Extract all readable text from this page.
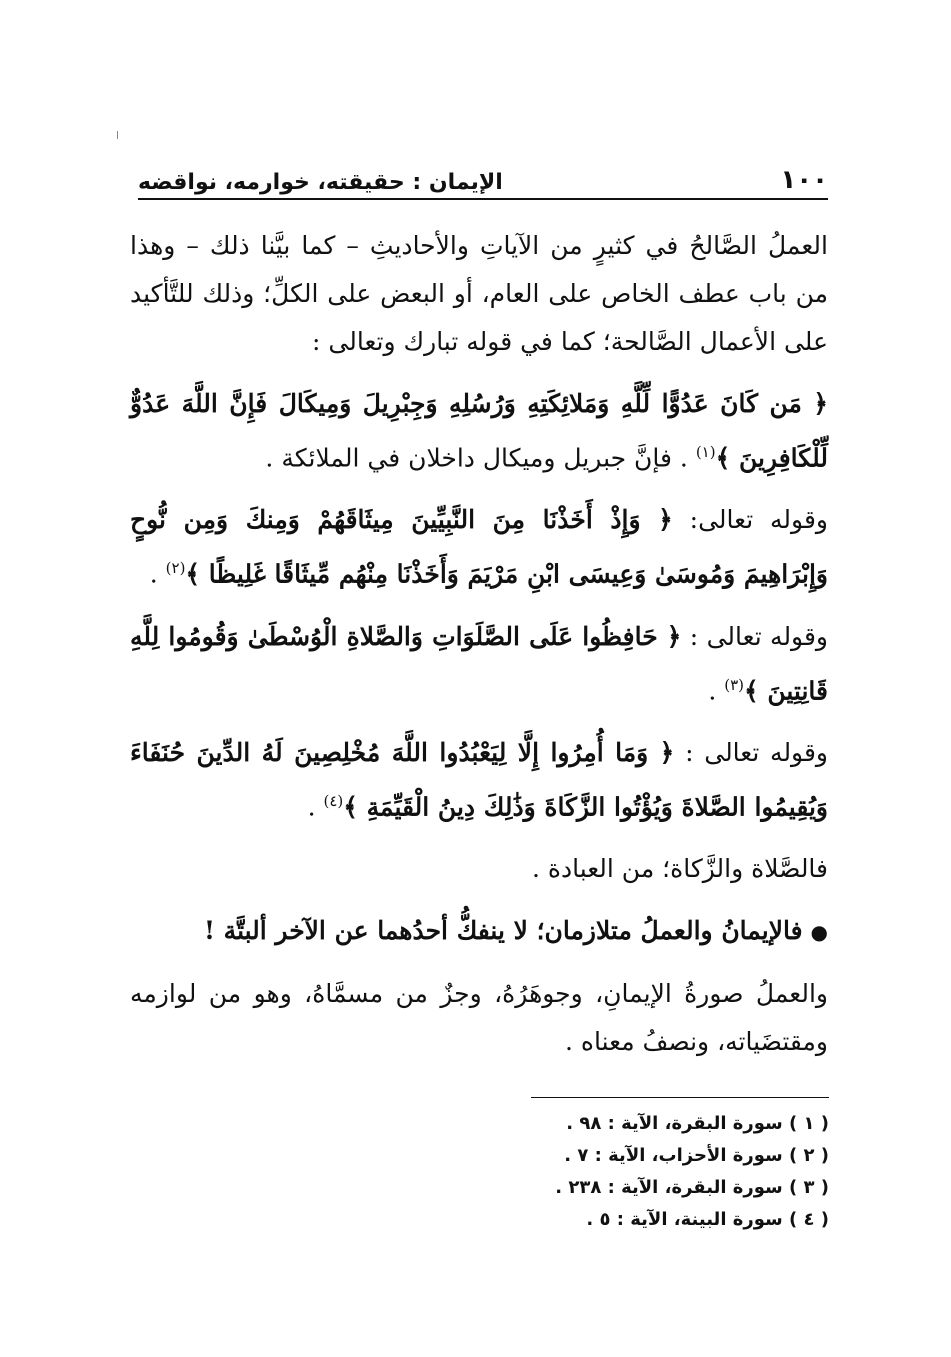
١٠٠
الإيمان : حقيقته، خوارمه، نواقضه

العملُ الصَّالحُ في كثيرٍ من الآياتِ والأحاديثِ – كما بيَّنا ذلك – وهذا من باب عطف الخاص على العام، أو البعض على الكلِّ؛ وذلك للتَّأكيد على الأعمال الصَّالحة؛ كما في قوله تبارك وتعالى :

﴿ مَن كَانَ عَدُوًّا لِّلَّهِ وَمَلائِكَتِهِ وَرُسُلِهِ وَجِبْرِيلَ وَمِيكَالَ فَإِنَّ اللَّهَ عَدُوٌّ لِّلْكَافِرِينَ ﴾$^{(١)}$ . فإنَّ جبريل وميكال داخلان في الملائكة .

وقوله تعالى: ﴿ وَإِذْ أَخَذْنَا مِنَ النَّبِيِّينَ مِيثَاقَهُمْ وَمِنكَ وَمِن نُّوحٍ وَإِبْرَاهِيمَ وَمُوسَىٰ وَعِيسَى ابْنِ مَرْيَمَ وَأَخَذْنَا مِنْهُم مِّيثَاقًا غَلِيظًا ﴾$^{(٢)}$ .

وقوله تعالى : ﴿ حَافِظُوا عَلَى الصَّلَوَاتِ وَالصَّلاةِ الْوُسْطَىٰ وَقُومُوا لِلَّهِ قَانِتِينَ ﴾$^{(٣)}$ .

وقوله تعالى : ﴿ وَمَا أُمِرُوا إِلَّا لِيَعْبُدُوا اللَّهَ مُخْلِصِينَ لَهُ الدِّينَ حُنَفَاءَ وَيُقِيمُوا الصَّلاةَ وَيُؤْتُوا الزَّكَاةَ وَذَٰلِكَ دِينُ الْقَيِّمَةِ ﴾$^{(٤)}$ .

فالصَّلاة والزَّكاة؛ من العبادة .

●فالإيمانُ والعملُ متلازمان؛ لا ينفكُّ أحدُهما عن الآخر ألبتَّة !

والعملُ صورةُ الإيمانِ، وجوهَرُهُ، وجزٌ من مسمَّاهُ، وهو من لوازمه ومقتضَياته، ونصفُ معناه .

( ١ ) سورة البقرة، الآية : ٩٨ .
( ٢ ) سورة الأحزاب، الآية : ٧ .
( ٣ ) سورة البقرة، الآية : ٢٣٨ .
( ٤ ) سورة البينة، الآية : ٥ .
